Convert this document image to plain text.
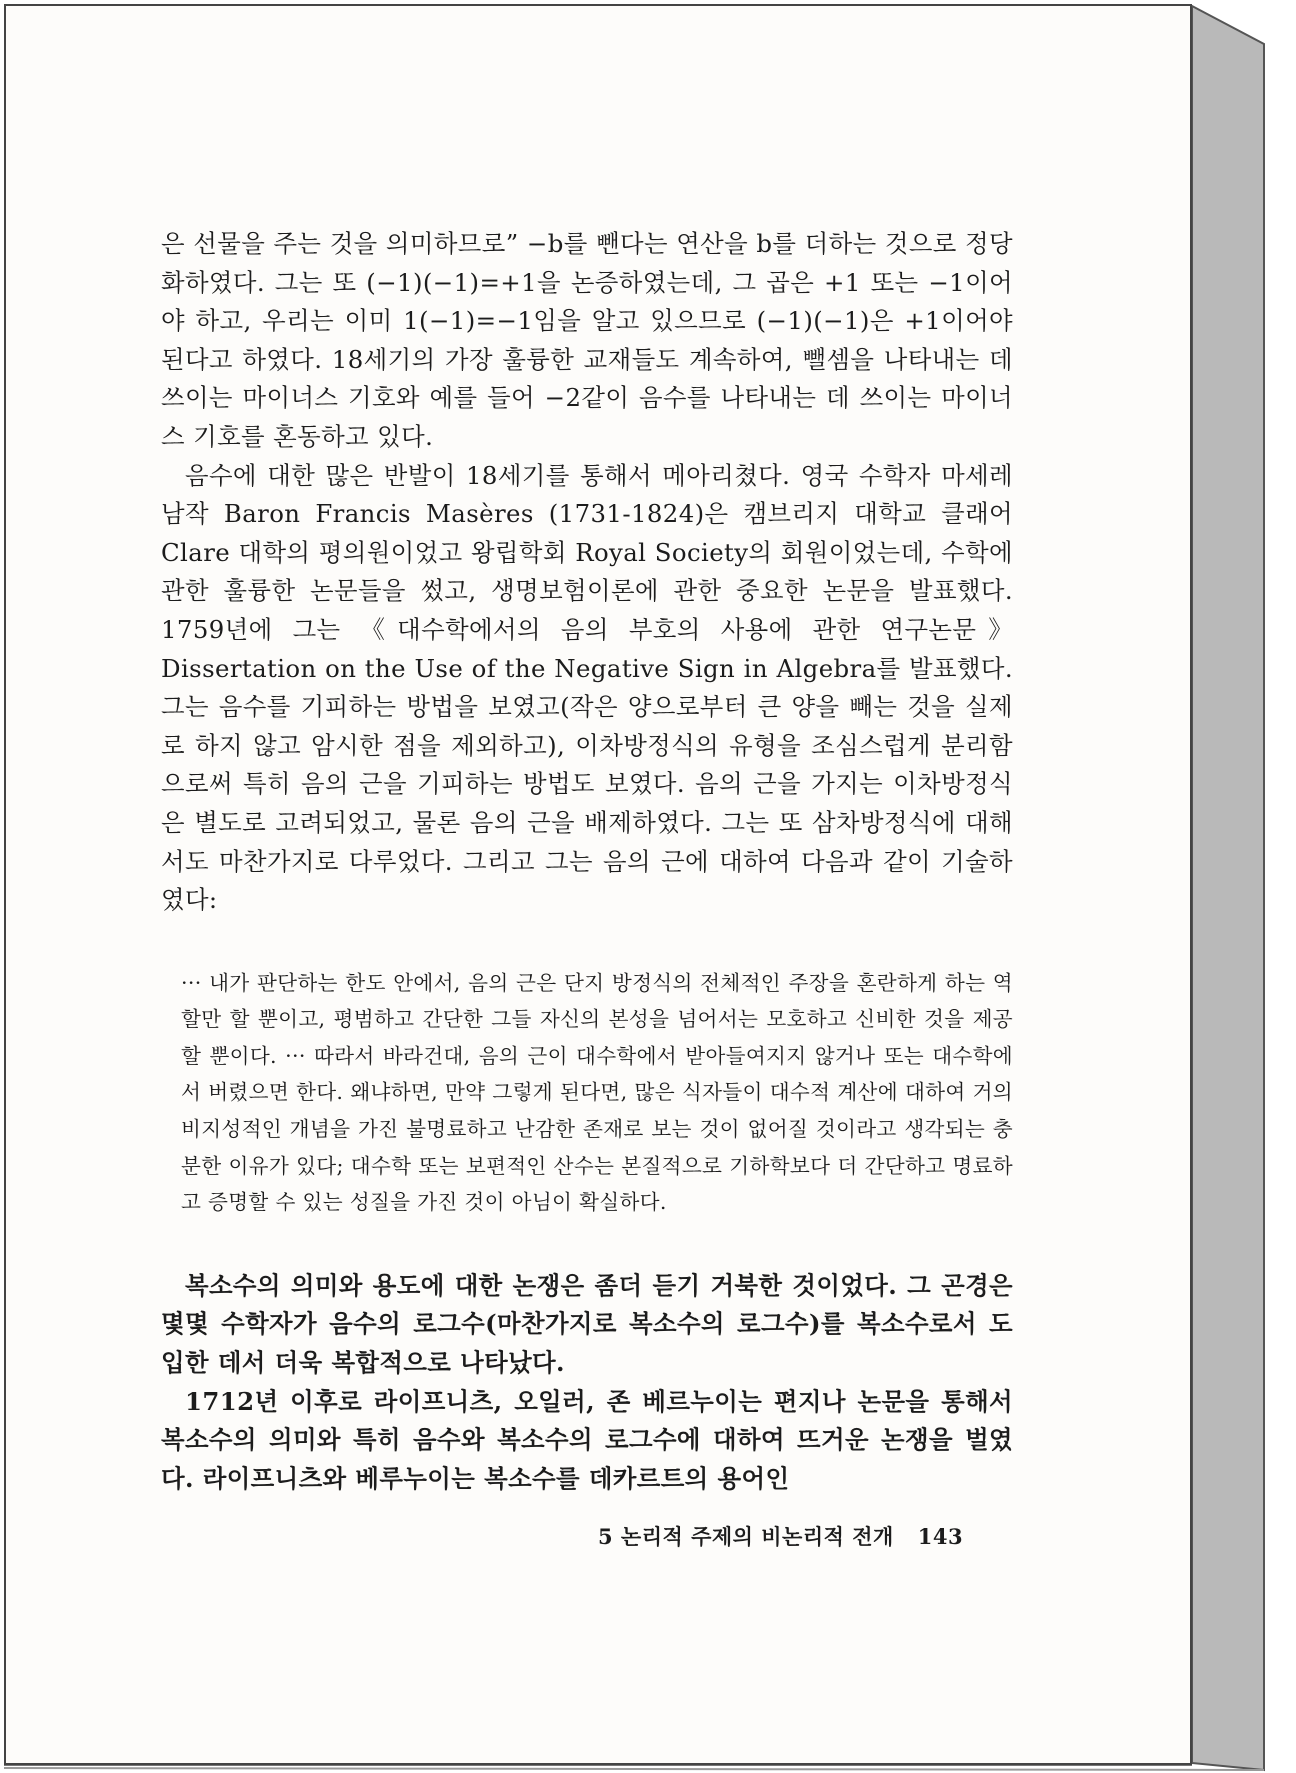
은 선물을 주는 것을 의미하므로” −b를 뺀다는 연산을 b를 더하는 것으로 정당화하였다. 그는 또 (−1)(−1)=+1을 논증하였는데, 그 곱은 +1 또는 −1이어야 하고, 우리는 이미 1(−1)=−1임을 알고 있으므로 (−1)(−1)은 +1이어야 된다고 하였다. 18세기의 가장 훌륭한 교재들도 계속하여, 뺄셈을 나타내는 데 쓰이는 마이너스 기호와 예를 들어 −2같이 음수를 나타내는 데 쓰이는 마이너스 기호를 혼동하고 있다.

음수에 대한 많은 반발이 18세기를 통해서 메아리쳤다. 영국 수학자 마세레 남작 Baron Francis Masères (1731-1824)은 캠브리지 대학교 클래어 Clare 대학의 평의원이었고 왕립학회 Royal Society의 회원이었는데, 수학에 관한 훌륭한 논문들을 썼고, 생명보험이론에 관한 중요한 논문을 발표했다. 1759년에 그는 《대수학에서의 음의 부호의 사용에 관한 연구논문》 Dissertation on the Use of the Negative Sign in Algebra를 발표했다. 그는 음수를 기피하는 방법을 보였고(작은 양으로부터 큰 양을 빼는 것을 실제로 하지 않고 암시한 점을 제외하고), 이차방정식의 유형을 조심스럽게 분리함으로써 특히 음의 근을 기피하는 방법도 보였다. 음의 근을 가지는 이차방정식은 별도로 고려되었고, 물론 음의 근을 배제하였다. 그는 또 삼차방정식에 대해서도 마찬가지로 다루었다. 그리고 그는 음의 근에 대하여 다음과 같이 기술하였다:

··· 내가 판단하는 한도 안에서, 음의 근은 단지 방정식의 전체적인 주장을 혼란하게 하는 역할만 할 뿐이고, 평범하고 간단한 그들 자신의 본성을 넘어서는 모호하고 신비한 것을 제공할 뿐이다. ··· 따라서 바라건대, 음의 근이 대수학에서 받아들여지지 않거나 또는 대수학에서 버렸으면 한다. 왜냐하면, 만약 그렇게 된다면, 많은 식자들이 대수적 계산에 대하여 거의 비지성적인 개념을 가진 불명료하고 난감한 존재로 보는 것이 없어질 것이라고 생각되는 충분한 이유가 있다; 대수학 또는 보편적인 산수는 본질적으로 기하학보다 더 간단하고 명료하고 증명할 수 있는 성질을 가진 것이 아님이 확실하다.

복소수의 의미와 용도에 대한 논쟁은 좀더 듣기 거북한 것이었다. 그 곤경은 몇몇 수학자가 음수의 로그수(마찬가지로 복소수의 로그수)를 복소수로서 도입한 데서 더욱 복합적으로 나타났다.

1712년 이후로 라이프니츠, 오일러, 존 베르누이는 편지나 논문을 통해서 복소수의 의미와 특히 음수와 복소수의 로그수에 대하여 뜨거운 논쟁을 벌였다. 라이프니츠와 베루누이는 복소수를 데카르트의 용어인

5 논리적 주제의 비논리적 전개 143
